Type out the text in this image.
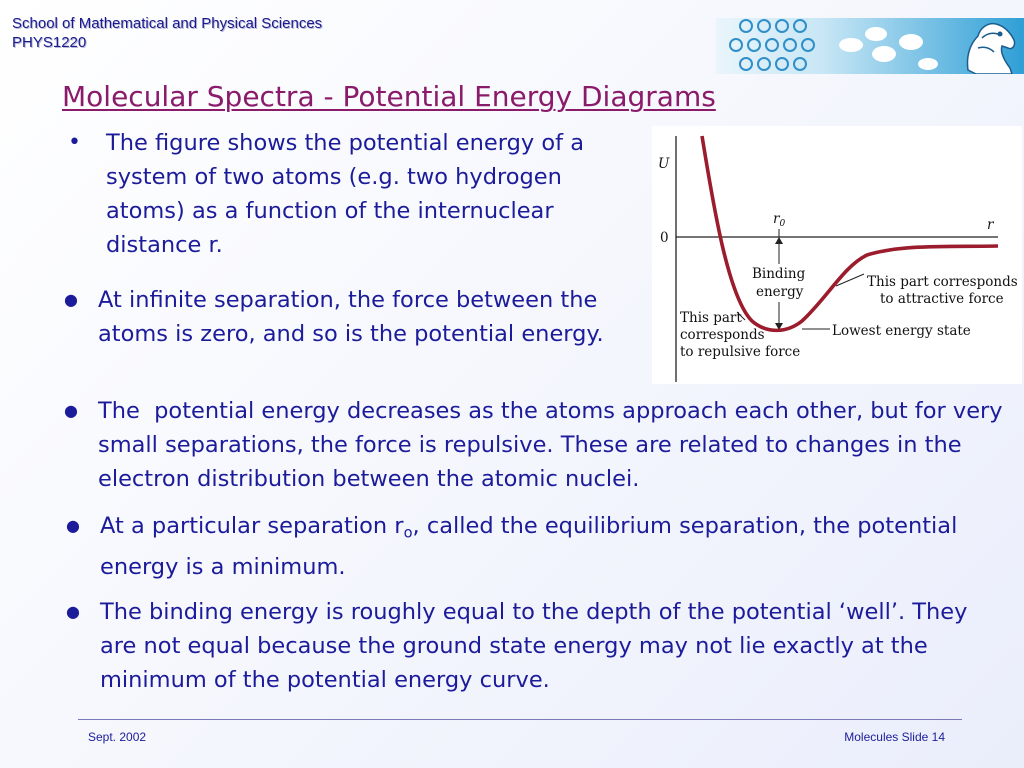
School of Mathematical and Physical Sciences
PHYS1220
Molecular Spectra - Potential Energy Diagrams
• The figure shows the potential energy of a system of two atoms (e.g. two hydrogen atoms) as a function of the internuclear distance r.
● At infinite separation, the force between the atoms is zero, and so is the potential energy.
● The  potential energy decreases as the atoms approach each other, but for very small separations, the force is repulsive. These are related to changes in the electron distribution between the atomic nuclei.
● At a particular separation $r_o$, called the equilibrium separation, the potential energy is a minimum.
● The binding energy is roughly equal to the depth of the potential ‘well’. They are not equal because the ground state energy may not lie exactly at the minimum of the potential energy curve.
U
0
r
$r_0$
Binding
energy
This part corresponds
to attractive force
Lowest energy state
This part
corresponds
to repulsive force
Sept. 2002	Molecules Slide 14
